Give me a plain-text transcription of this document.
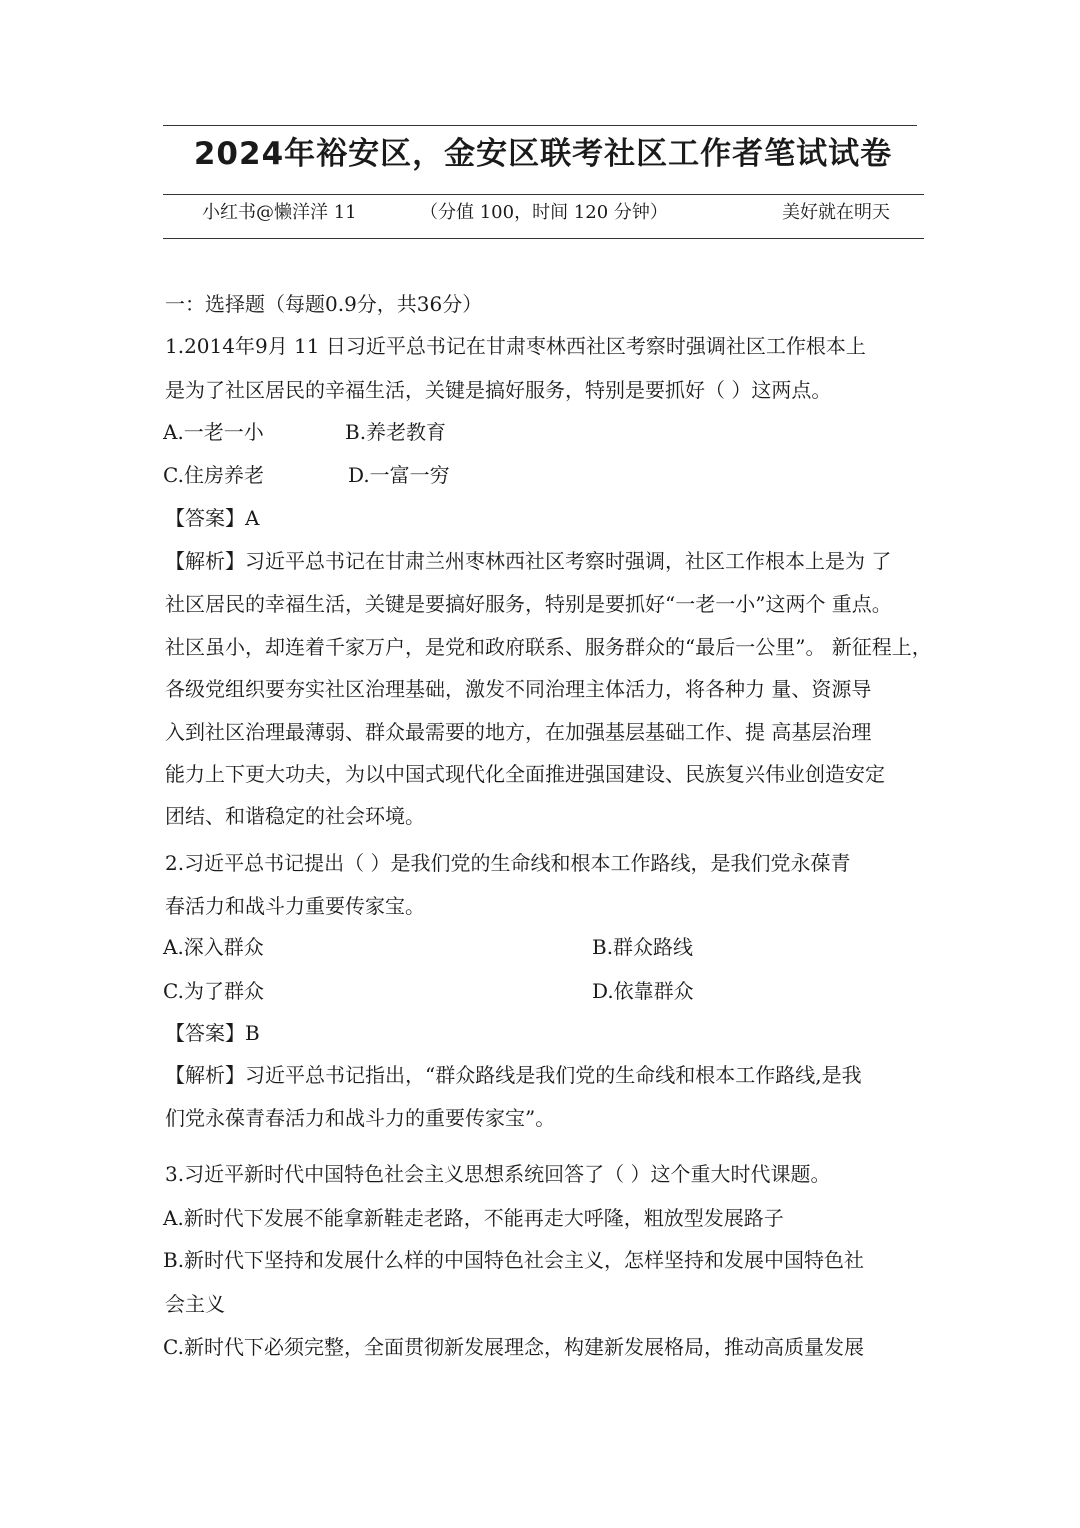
2024年裕安区，金安区联考社区工作者笔试试卷
小红书@懒洋洋 11	（分值 100，时间 120 分钟）	美好就在明天
一：选择题（每题0.9分，共36分）
1.2014年9月 11 日习近平总书记在甘肃枣林西社区考察时强调社区工作根本上
是为了社区居民的辛福生活，关键是搞好服务，特别是要抓好（ ）这两点。
A.一老一小	B.养老教育
C.住房养老	D.一富一穷
【答案】A
【解析】习近平总书记在甘肃兰州枣林西社区考察时强调，社区工作根本上是为 了
社区居民的幸福生活，关键是要搞好服务，特别是要抓好“一老一小”这两个 重点。
社区虽小，却连着千家万户，是党和政府联系、服务群众的“最后一公里”。 新征程上，
各级党组织要夯实社区治理基础，激发不同治理主体活力，将各种力 量、资源导
入到社区治理最薄弱、群众最需要的地方，在加强基层基础工作、提 高基层治理
能力上下更大功夫，为以中国式现代化全面推进强国建设、民族复兴伟业创造安定
团结、和谐稳定的社会环境。
2.习近平总书记提出（ ）是我们党的生命线和根本工作路线，是我们党永葆青
春活力和战斗力重要传家宝。
A.深入群众	B.群众路线
C.为了群众	D.依靠群众
【答案】B
【解析】习近平总书记指出，“群众路线是我们党的生命线和根本工作路线,是我
们党永葆青春活力和战斗力的重要传家宝”。
3.习近平新时代中国特色社会主义思想系统回答了（ ）这个重大时代课题。
A.新时代下发展不能拿新鞋走老路，不能再走大呼隆，粗放型发展路子
B.新时代下坚持和发展什么样的中国特色社会主义，怎样坚持和发展中国特色社
会主义
C.新时代下必须完整，全面贯彻新发展理念，构建新发展格局，推动高质量发展
